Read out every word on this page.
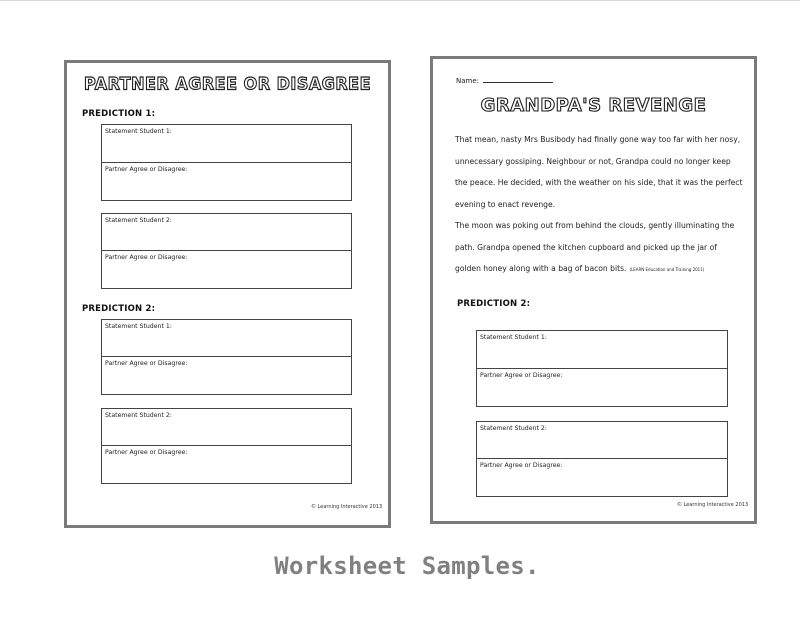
PARTNER AGREE OR DISAGREE
PREDICTION 1:
Statement Student 1:
Partner Agree or Disagree:
Statement Student 2:
Partner Agree or Disagree:
PREDICTION 2:
Statement Student 1:
Partner Agree or Disagree:
Statement Student 2:
Partner Agree or Disagree:
© Learning Interactive 2013
Name:
GRANDPA'S REVENGE

That mean, nasty Mrs Busibody had finally gone way too far with her nosy, unnecessary gossiping. Neighbour or not, Grandpa could no longer keep the peace. He decided, with the weather on his side, that it was the perfect evening to enact revenge.

The moon was poking out from behind the clouds, gently illuminating the path. Grandpa opened the kitchen cupboard and picked up the jar of golden honey along with a bag of bacon bits. (LEARN Education and Training 2011)

PREDICTION 2:
Statement Student 1:
Partner Agree or Disagree:
Statement Student 2:
Partner Agree or Disagree:
© Learning Interactive 2013
Worksheet Samples.
